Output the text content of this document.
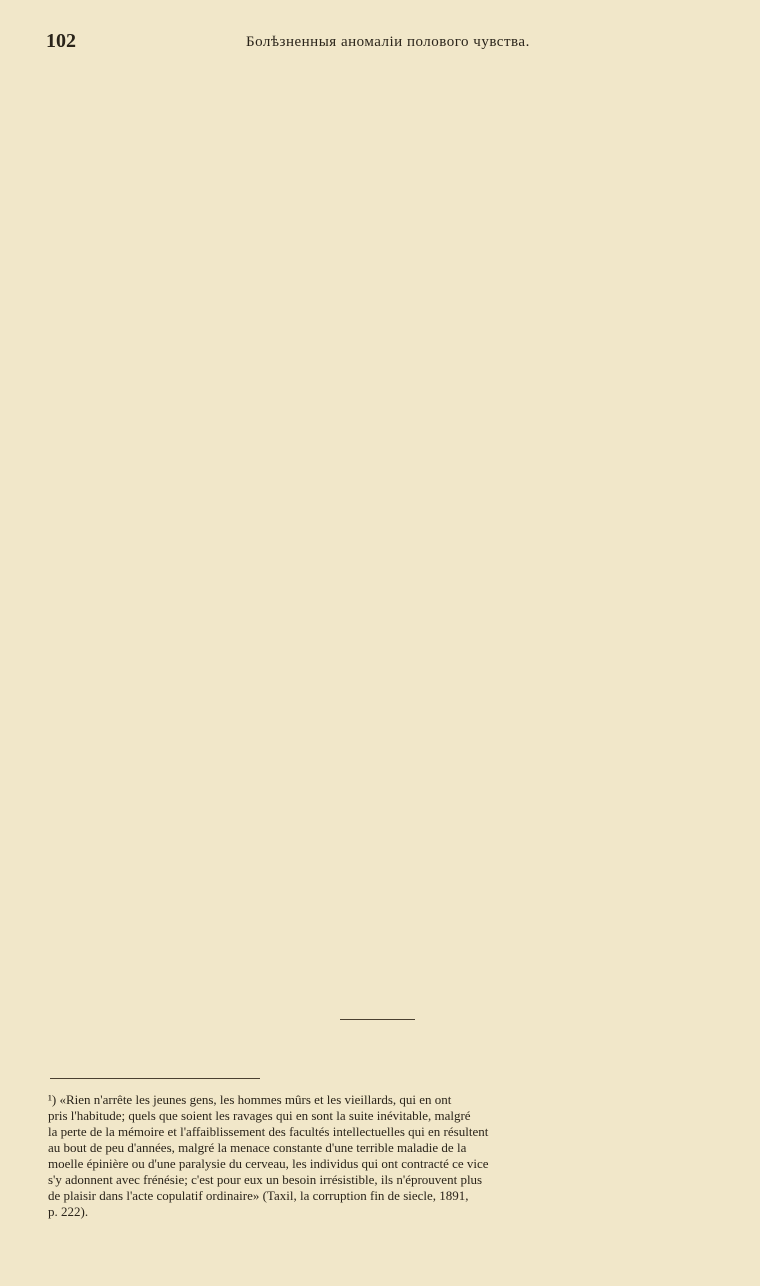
102	Болѣзненныя аномаліи полового чувства.
¹) «Rien n'arrête les jeunes gens, les hommes mûrs et les vieillards, qui en ont
pris l'habitude; quels que soient les ravages qui en sont la suite inévitable, malgré
la perte de la mémoire et l'affaiblissement des facultés intellectuelles qui en résultent
au bout de peu d'années, malgré la menace constante d'une terrible maladie de la
moelle épinière ou d'une paralysie du cerveau, les individus qui ont contracté ce vice
s'y adonnent avec frénésie; c'est pour eux un besoin irrésistible, ils n'éprouvent plus
de plaisir dans l'acte copulatif ordinaire» (Taxil, la corruption fin de siecle, 1891,
p. 222).
